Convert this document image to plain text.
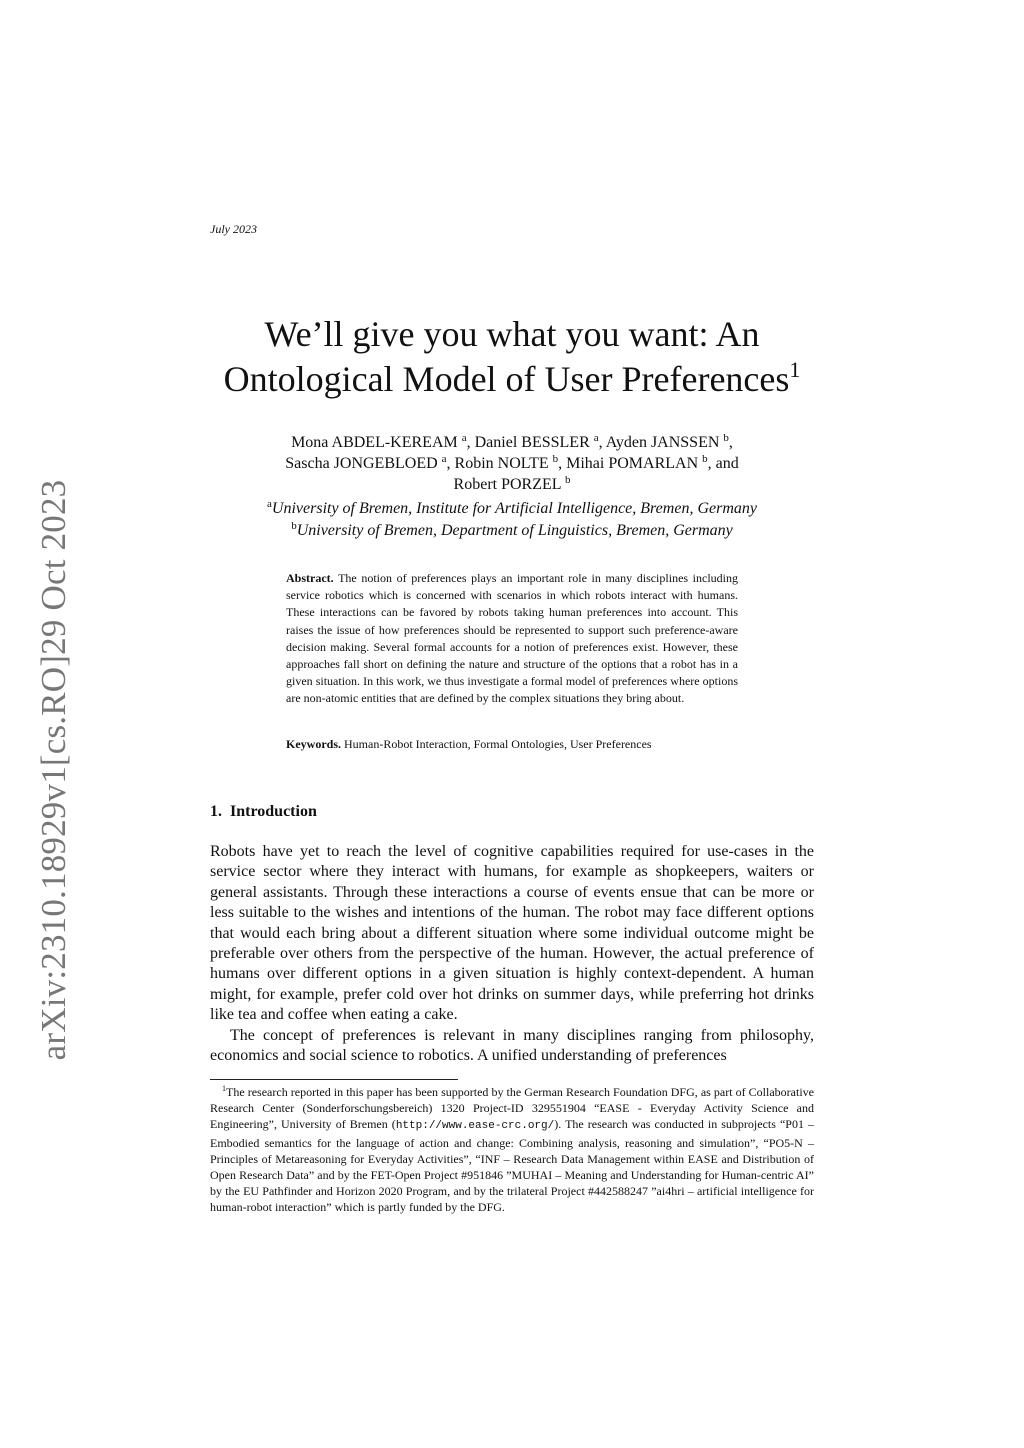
arXiv:2310.18929v1
[cs.RO]
29 Oct 2023
July 2023
We’ll give you what you want: An
Ontological Model of User Preferences$^1$
Mona ABDEL-KEREAM $^a$, Daniel BESSLER $^a$, Ayden JANSSEN $^b$,
Sascha JONGEBLOED $^a$, Robin NOLTE $^b$, Mihai POMARLAN $^b$, and
Robert PORZEL $^b$
$^a$University of Bremen, Institute for Artificial Intelligence, Bremen, Germany
$^b$University of Bremen, Department of Linguistics, Bremen, Germany
Abstract. The notion of preferences plays an important role in many disciplines including service robotics which is concerned with scenarios in which robots interact with humans. These interactions can be favored by robots taking human preferences into account. This raises the issue of how preferences should be represented to support such preference-aware decision making. Several formal accounts for a notion of preferences exist. However, these approaches fall short on defining the nature and structure of the options that a robot has in a given situation. In this work, we thus investigate a formal model of preferences where options are non-atomic entities that are defined by the complex situations they bring about.
Keywords. Human-Robot Interaction, Formal Ontologies, User Preferences
1. Introduction

Robots have yet to reach the level of cognitive capabilities required for use-cases in the service sector where they interact with humans, for example as shopkeepers, waiters or general assistants. Through these interactions a course of events ensue that can be more or less suitable to the wishes and intentions of the human. The robot may face different options that would each bring about a different situation where some individual outcome might be preferable over others from the perspective of the human. However, the actual preference of humans over different options in a given situation is highly context-dependent. A human might, for example, prefer cold over hot drinks on summer days, while preferring hot drinks like tea and coffee when eating a cake.

The concept of preferences is relevant in many disciplines ranging from philosophy, economics and social science to robotics. A unified understanding of preferences

$^1$The research reported in this paper has been supported by the German Research Foundation DFG, as part of Collaborative Research Center (Sonderforschungsbereich) 1320 Project-ID 329551904 “EASE - Everyday Activity Science and Engineering”, University of Bremen (http://www.ease-crc.org/). The research was conducted in subprojects “P01 – Embodied semantics for the language of action and change: Combining analysis, reasoning and simulation”, “PO5-N – Principles of Metareasoning for Everyday Activities”, “INF – Research Data Management within EASE and Distribution of Open Research Data” and by the FET-Open Project #951846 ”MUHAI – Meaning and Understanding for Human-centric AI” by the EU Pathfinder and Horizon 2020 Program, and by the trilateral Project #442588247 ”ai4hri – artificial intelligence for human-robot interaction” which is partly funded by the DFG.
